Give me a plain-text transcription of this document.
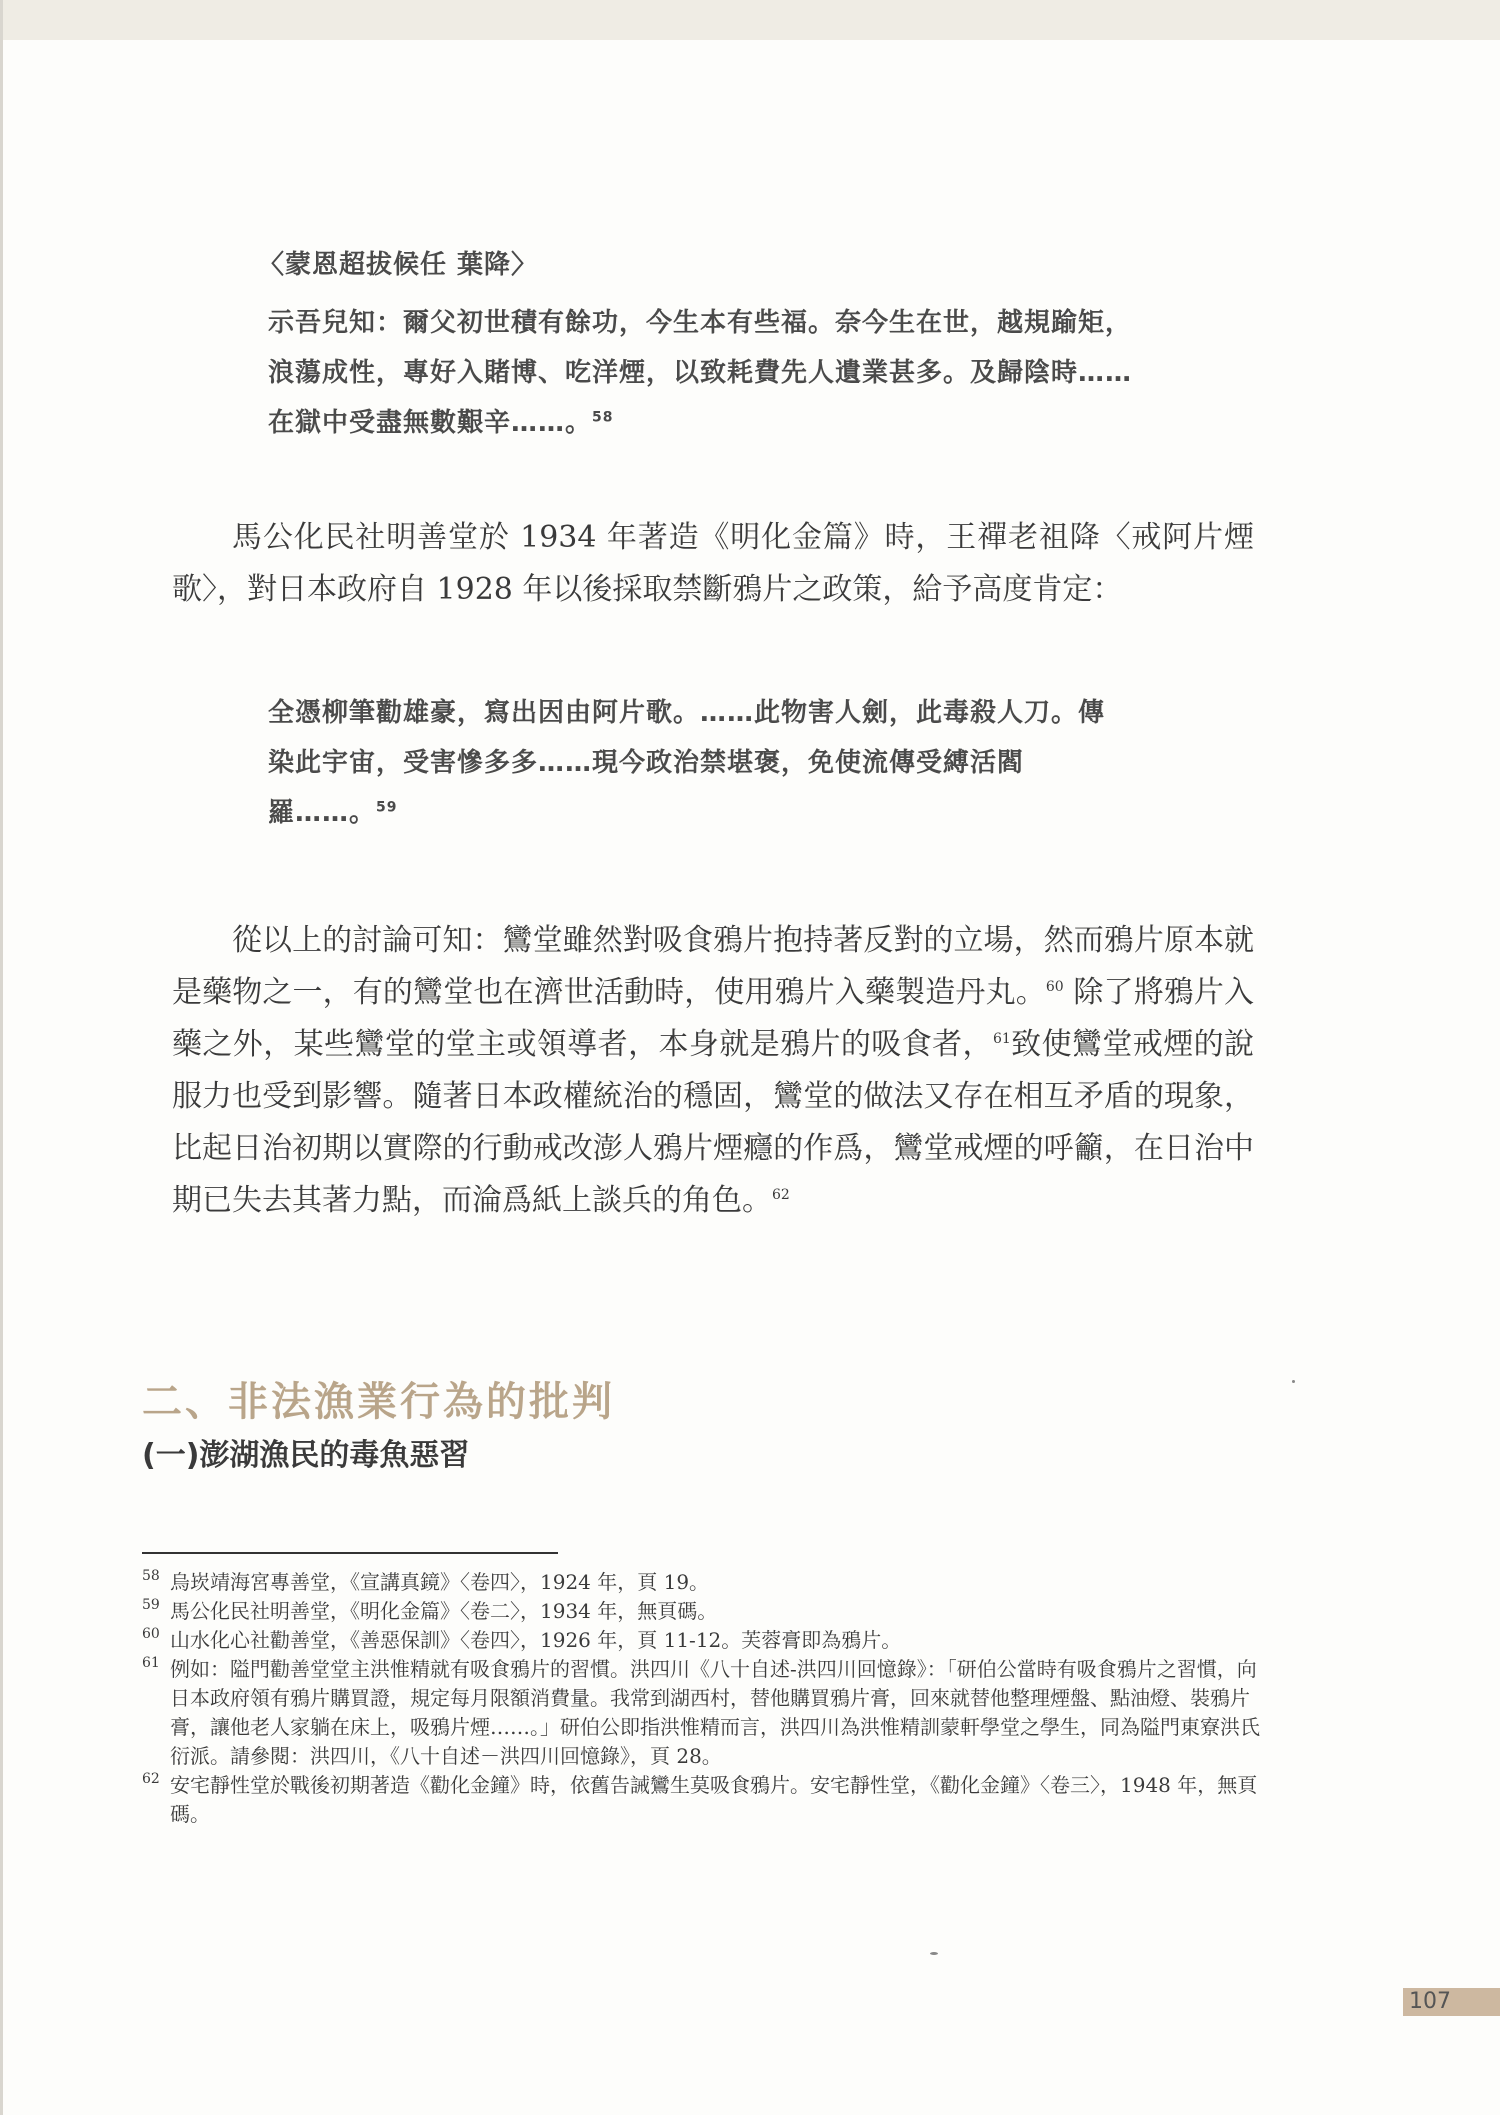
〈蒙恩超拔候任 葉降〉
示吾兒知：爾父初世積有餘功，今生本有些福。奈今生在世，越規踰矩，
浪蕩成性，專好入賭博、吃洋煙，以致耗費先人遺業甚多。及歸陰時……
在獄中受盡無數艱辛……。$^{58}$
馬公化民社明善堂於 1934 年著造《明化金篇》時，王禪老祖降〈戒阿片煙歌〉，對日本政府自 1928 年以後採取禁斷鴉片之政策，給予高度肯定：
全憑柳筆勸雄豪，寫出因由阿片歌。……此物害人劍，此毒殺人刀。傳
染此宇宙，受害慘多多……現今政治禁堪褒，免使流傳受縛活閻
羅……。$^{59}$
從以上的討論可知：鸞堂雖然對吸食鴉片抱持著反對的立場，然而鴉片原本就是藥物之一，有的鸞堂也在濟世活動時，使用鴉片入藥製造丹丸。$^{60}$ 除了將鴉片入藥之外，某些鸞堂的堂主或領導者，本身就是鴉片的吸食者，$^{61}$致使鸞堂戒煙的說服力也受到影響。隨著日本政權統治的穩固，鸞堂的做法又存在相互矛盾的現象，比起日治初期以實際的行動戒改澎人鴉片煙癮的作爲，鸞堂戒煙的呼籲，在日治中期已失去其著力點，而淪爲紙上談兵的角色。$^{62}$
二、非法漁業行為的批判
(一)澎湖漁民的毒魚惡習
58 烏崁靖海宮專善堂，《宣講真鏡》〈卷四〉，1924 年，頁 19。
59 馬公化民社明善堂，《明化金篇》〈卷二〉，1934 年，無頁碼。
60 山水化心社勸善堂，《善惡保訓》〈卷四〉，1926 年，頁 11-12。芙蓉膏即為鴉片。
61 例如：隘門勸善堂堂主洪惟精就有吸食鴉片的習慣。洪四川《八十自述-洪四川回憶錄》：「研伯公當時有吸食鴉片之習慣，向日本政府領有鴉片購買證，規定每月限額消費量。我常到湖西村，替他購買鴉片膏，回來就替他整理煙盤、點油燈、裝鴉片膏，讓他老人家躺在床上，吸鴉片煙……。」研伯公即指洪惟精而言，洪四川為洪惟精訓蒙軒學堂之學生，同為隘門東寮洪氏衍派。請參閱：洪四川，《八十自述－洪四川回憶錄》，頁 28。
62 安宅靜性堂於戰後初期著造《勸化金鐘》時，依舊告誡鸞生莫吸食鴉片。安宅靜性堂，《勸化金鐘》〈卷三〉，1948 年，無頁碼。
107
